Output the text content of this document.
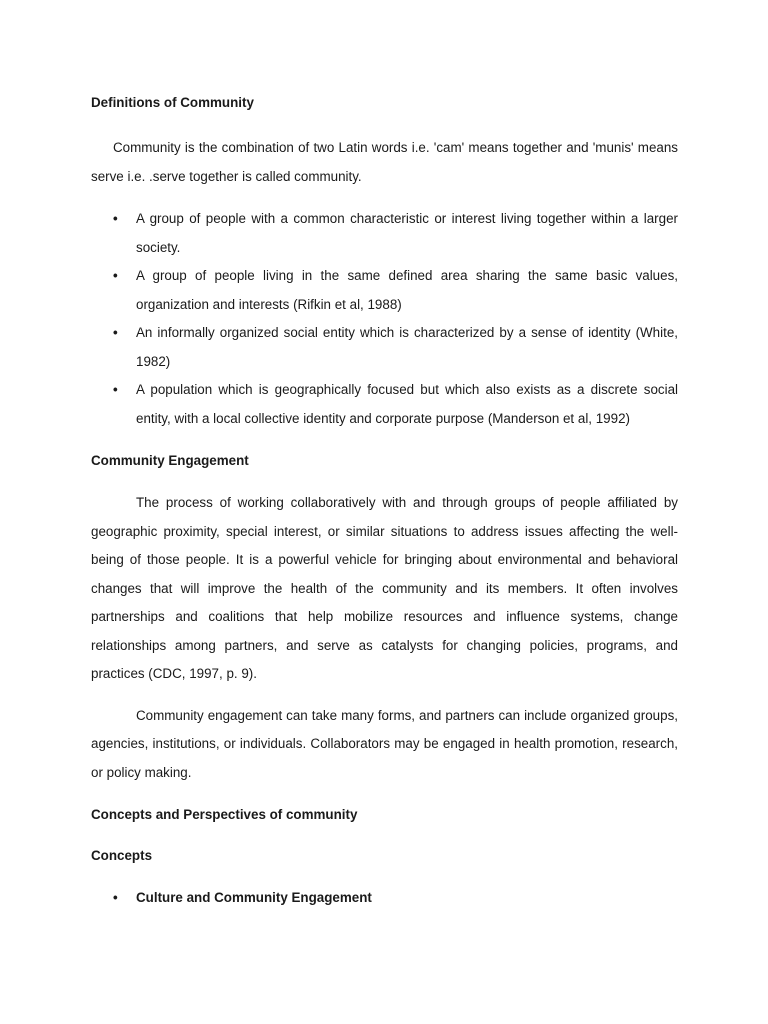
Definitions of Community

Community is the combination of two Latin words i.e. 'cam' means together and 'munis' means serve i.e. .serve together is called community.

• A group of people with a common characteristic or interest living together within a larger society.
• A group of people living in the same defined area sharing the same basic values, organization and interests (Rifkin et al, 1988)
• An informally organized social entity which is characterized by a sense of identity (White, 1982)
• A population which is geographically focused but which also exists as a discrete social entity, with a local collective identity and corporate purpose (Manderson et al, 1992)

Community Engagement

The process of working collaboratively with and through groups of people affiliated by geographic proximity, special interest, or similar situations to address issues affecting the well-being of those people. It is a powerful vehicle for bringing about environmental and behavioral changes that will improve the health of the community and its members. It often involves partnerships and coalitions that help mobilize resources and influence systems, change relationships among partners, and serve as catalysts for changing policies, programs, and practices (CDC, 1997, p. 9).

Community engagement can take many forms, and partners can include organized groups, agencies, institutions, or individuals. Collaborators may be engaged in health promotion, research, or policy making.

Concepts and Perspectives of community

Concepts

• Culture and Community Engagement
